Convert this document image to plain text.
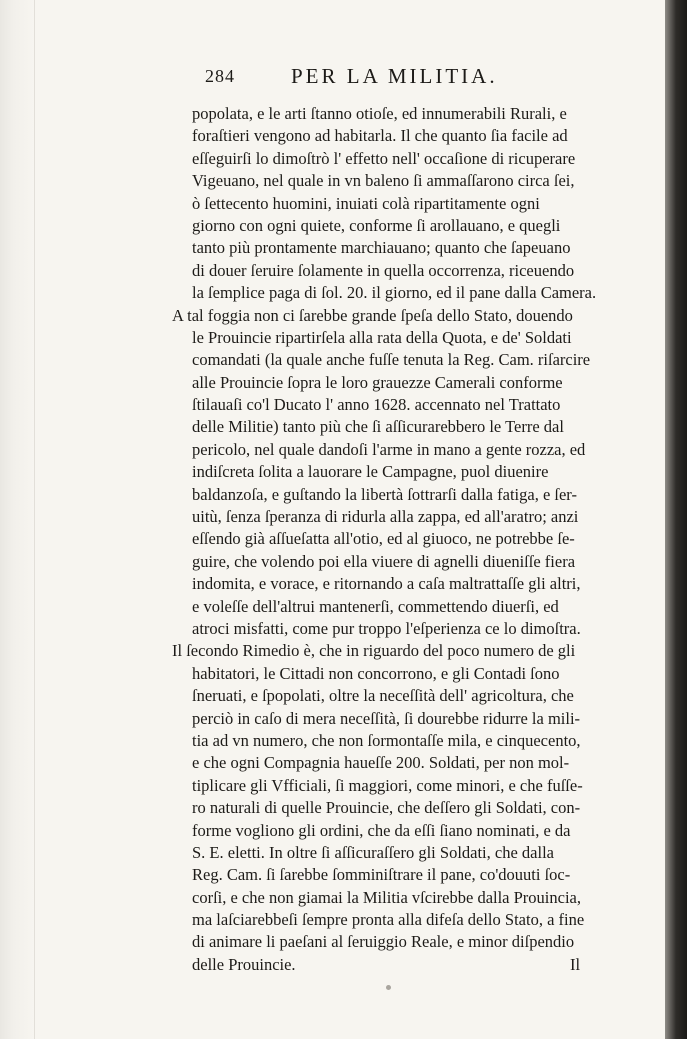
284	PER LA MILITIA.
popolata, e le arti ſtanno otioſe, ed innumerabili Rurali, e
foraſtieri vengono ad habitarla. Il che quanto ſia facile ad
eſſeguirſi lo dimoſtrò l' effetto nell' occaſione di ricuperare
Vigeuano, nel quale in vn baleno ſi ammaſſarono circa ſei,
ò ſettecento huomini, inuiati colà ripartitamente ogni
giorno con ogni quiete, conforme ſi arollauano, e quegli
tanto più prontamente marchiauano; quanto che ſapeuano
di douer ſeruire ſolamente in quella occorrenza, riceuendo
la ſemplice paga di ſol. 20. il giorno, ed il pane dalla Camera.
A tal foggia non ci ſarebbe grande ſpeſa dello Stato, douendo
le Prouincie ripartirſela alla rata della Quota, e de' Soldati
comandati (la quale anche fuſſe tenuta la Reg. Cam. riſarcire
alle Prouincie ſopra le loro grauezze Camerali conforme
ſtilauaſi co'l Ducato l' anno 1628. accennato nel Trattato
delle Militie) tanto più che ſi aſſicurarebbero le Terre dal
pericolo, nel quale dandoſi l'arme in mano a gente rozza, ed
indiſcreta ſolita a lauorare le Campagne, puol diuenire
baldanzoſa, e guſtando la libertà ſottrarſi dalla fatiga, e ſer-
uitù, ſenza ſperanza di ridurla alla zappa, ed all'aratro; anzi
eſſendo già aſſueſatta all'otio, ed al giuoco, ne potrebbe ſe-
guire, che volendo poi ella viuere di agnelli diueniſſe fiera
indomita, e vorace, e ritornando a caſa maltrattaſſe gli altri,
e voleſſe dell'altrui mantenerſi, commettendo diuerſi, ed
atroci misfatti, come pur troppo l'eſperienza ce lo dimoſtra.
Il ſecondo Rimedio è, che in riguardo del poco numero de gli
habitatori, le Cittadi non concorrono, e gli Contadi ſono
ſneruati, e ſpopolati, oltre la neceſſità dell' agricoltura, che
perciò in caſo di mera neceſſità, ſi dourebbe ridurre la mili-
tia ad vn numero, che non ſormontaſſe mila, e cinquecento,
e che ogni Compagnia haueſſe 200. Soldati, per non mol-
tiplicare gli Vfficiali, ſi maggiori, come minori, e che fuſſe-
ro naturali di quelle Prouincie, che deſſero gli Soldati, con-
forme vogliono gli ordini, che da eſſi ſiano nominati, e da
S. E. eletti. In oltre ſi aſſicuraſſero gli Soldati, che dalla
Reg. Cam. ſi ſarebbe ſomminiſtrare il pane, co'douuti ſoc-
corſi, e che non giamai la Militia vſcirebbe dalla Prouincia,
ma laſciarebbeſi ſempre pronta alla difeſa dello Stato, a fine
di animare li paeſani al ſeruiggio Reale, e minor diſpendio
delle Prouincie.	Il
